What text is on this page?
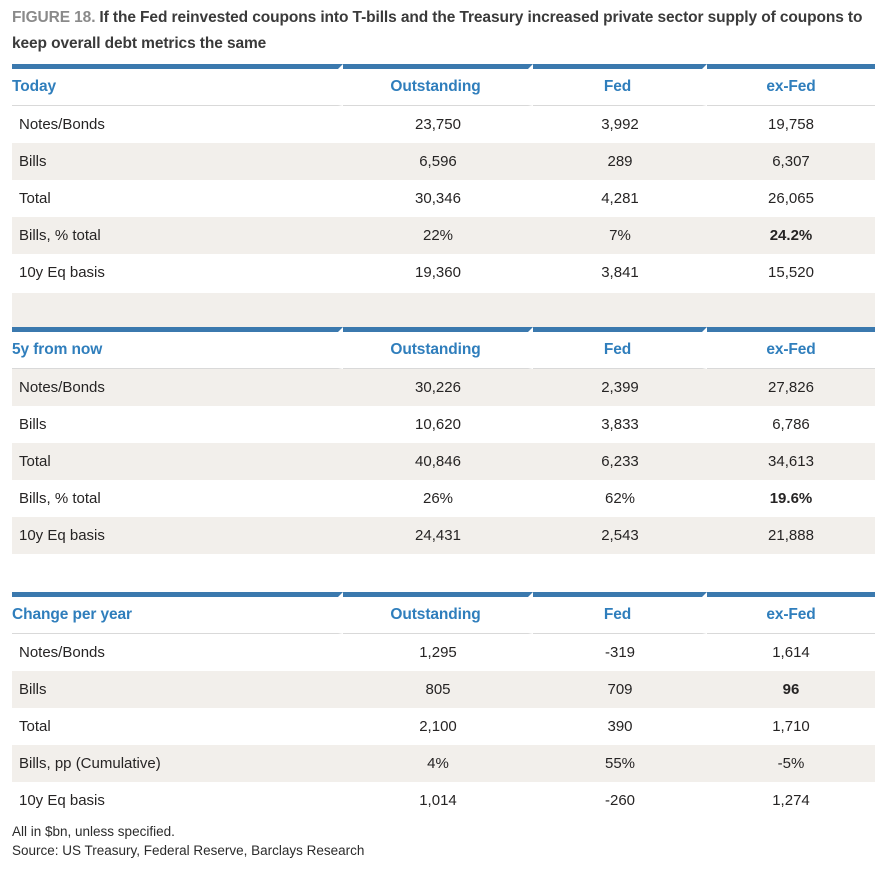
FIGURE 18. If the Fed reinvested coupons into T-bills and the Treasury increased private sector supply of coupons to keep overall debt metrics the same
Today	Outstanding	Fed	ex-Fed
Notes/Bonds	23,750	3,992	19,758
Bills	6,596	289	6,307
Total	30,346	4,281	26,065
Bills, % total	22%	7%	24.2%
10y Eq basis	19,360	3,841	15,520
5y from now	Outstanding	Fed	ex-Fed
Notes/Bonds	30,226	2,399	27,826
Bills	10,620	3,833	6,786
Total	40,846	6,233	34,613
Bills, % total	26%	62%	19.6%
10y Eq basis	24,431	2,543	21,888
Change per year	Outstanding	Fed	ex-Fed
Notes/Bonds	1,295	-319	1,614
Bills	805	709	96
Total	2,100	390	1,710
Bills, pp (Cumulative)	4%	55%	-5%
10y Eq basis	1,014	-260	1,274
All in $bn, unless specified.
Source: US Treasury, Federal Reserve, Barclays Research
